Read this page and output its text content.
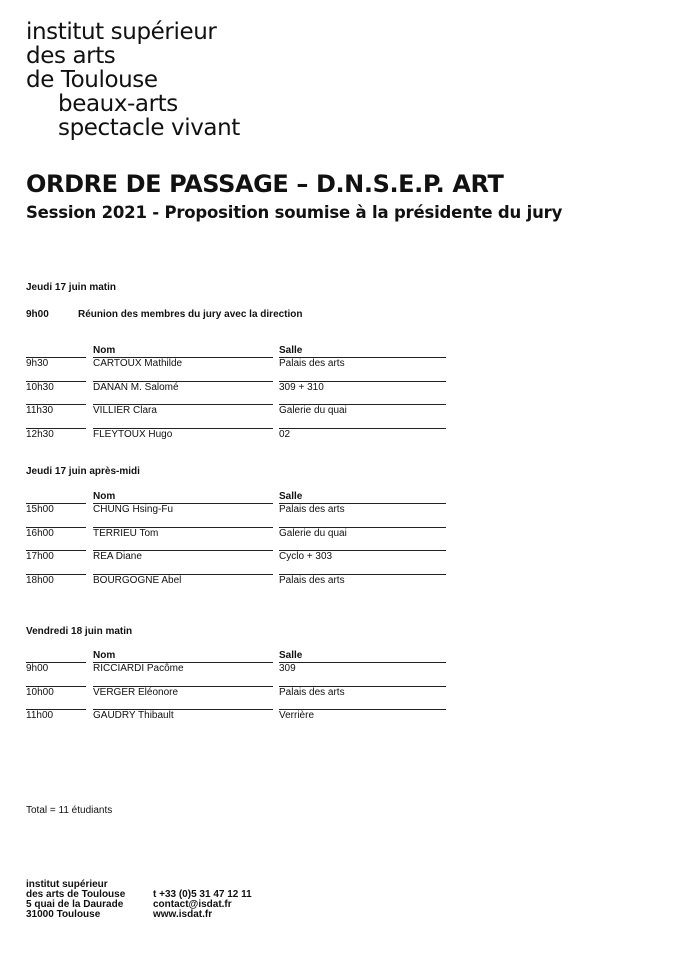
institut supérieur
des arts
de Toulouse
beaux-arts
spectacle vivant
ORDRE DE PASSAGE – D.N.S.E.P. ART
Session 2021 - Proposition soumise à la présidente du jury
Jeudi 17 juin matin
9h00	Réunion des membres du jury avec la direction
Nom	Salle
9h30	CARTOUX Mathilde	Palais des arts
10h30	DANAN M. Salomé	309 + 310
11h30	VILLIER Clara	Galerie du quai
12h30	FLEYTOUX Hugo	02
Jeudi 17 juin après-midi
Nom	Salle
15h00	CHUNG Hsing-Fu	Palais des arts
16h00	TERRIEU Tom	Galerie du quai
17h00	REA Diane	Cyclo + 303
18h00	BOURGOGNE Abel	Palais des arts
Vendredi 18 juin matin
Nom	Salle
9h00	RICCIARDI Pacôme	309
10h00	VERGER Eléonore	Palais des arts
11h00	GAUDRY Thibault	Verrière
Total = 11 étudiants
institut supérieur
des arts de Toulouse
5 quai de la Daurade
31000 Toulouse
t +33 (0)5 31 47 12 11
contact@isdat.fr
www.isdat.fr
